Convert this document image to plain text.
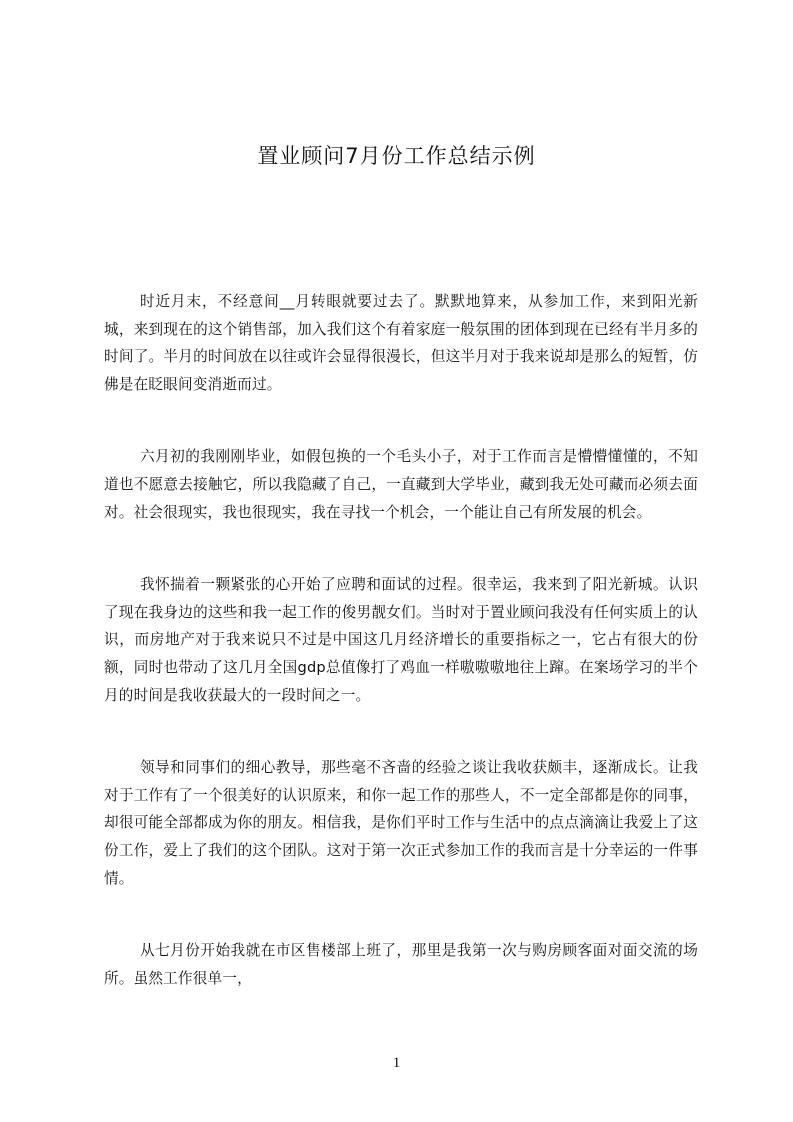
置业顾问7月份工作总结示例

时近月末，不经意间__月转眼就要过去了。默默地算来，从参加工作，来到阳光新城，来到现在的这个销售部，加入我们这个有着家庭一般氛围的团体到现在已经有半月多的时间了。半月的时间放在以往或许会显得很漫长，但这半月对于我来说却是那么的短暂，仿佛是在眨眼间变消逝而过。

六月初的我刚刚毕业，如假包换的一个毛头小子，对于工作而言是懵懵懂懂的，不知道也不愿意去接触它，所以我隐藏了自己，一直藏到大学毕业，藏到我无处可藏而必须去面对。社会很现实，我也很现实，我在寻找一个机会，一个能让自己有所发展的机会。

我怀揣着一颗紧张的心开始了应聘和面试的过程。很幸运，我来到了阳光新城。认识了现在我身边的这些和我一起工作的俊男靓女们。当时对于置业顾问我没有任何实质上的认识，而房地产对于我来说只不过是中国这几月经济增长的重要指标之一，它占有很大的份额，同时也带动了这几月全国gdp总值像打了鸡血一样嗷嗷嗷地往上蹿。在案场学习的半个月的时间是我收获最大的一段时间之一。

领导和同事们的细心教导，那些毫不吝啬的经验之谈让我收获颇丰，逐渐成长。让我对于工作有了一个很美好的认识原来，和你一起工作的那些人，不一定全部都是你的同事，却很可能全部都成为你的朋友。相信我，是你们平时工作与生活中的点点滴滴让我爱上了这份工作，爱上了我们的这个团队。这对于第一次正式参加工作的我而言是十分幸运的一件事情。

从七月份开始我就在市区售楼部上班了，那里是我第一次与购房顾客面对面交流的场所。虽然工作很单一，

1
